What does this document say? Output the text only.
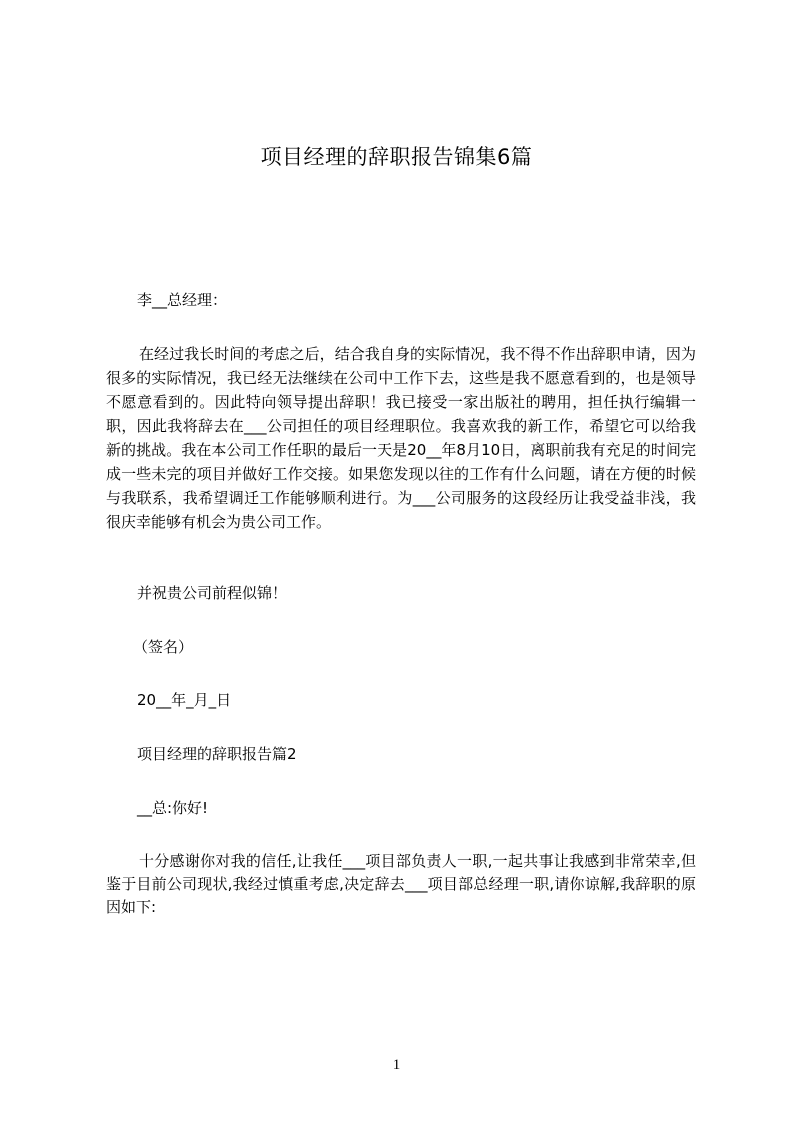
项目经理的辞职报告锦集6篇
李__总经理：
在经过我长时间的考虑之后，结合我自身的实际情况，我不得不作出辞职申请，因为很多的实际情况，我已经无法继续在公司中工作下去，这些是我不愿意看到的，也是领导不愿意看到的。因此特向领导提出辞职！我已接受一家出版社的聘用，担任执行编辑一职，因此我将辞去在___公司担任的项目经理职位。我喜欢我的新工作，希望它可以给我新的挑战。我在本公司工作任职的最后一天是20__年8月10日，离职前我有充足的时间完成一些未完的项目并做好工作交接。如果您发现以往的工作有什么问题，请在方便的时候与我联系，我希望调迁工作能够顺利进行。为___公司服务的这段经历让我受益非浅，我很庆幸能够有机会为贵公司工作。
并祝贵公司前程似锦！
（签名）
20__年_月_日
项目经理的辞职报告篇2
__总:你好!
十分感谢你对我的信任,让我任___项目部负责人一职,一起共事让我感到非常荣幸,但鉴于目前公司现状,我经过慎重考虑,决定辞去___项目部总经理一职,请你谅解,我辞职的原因如下:
1
